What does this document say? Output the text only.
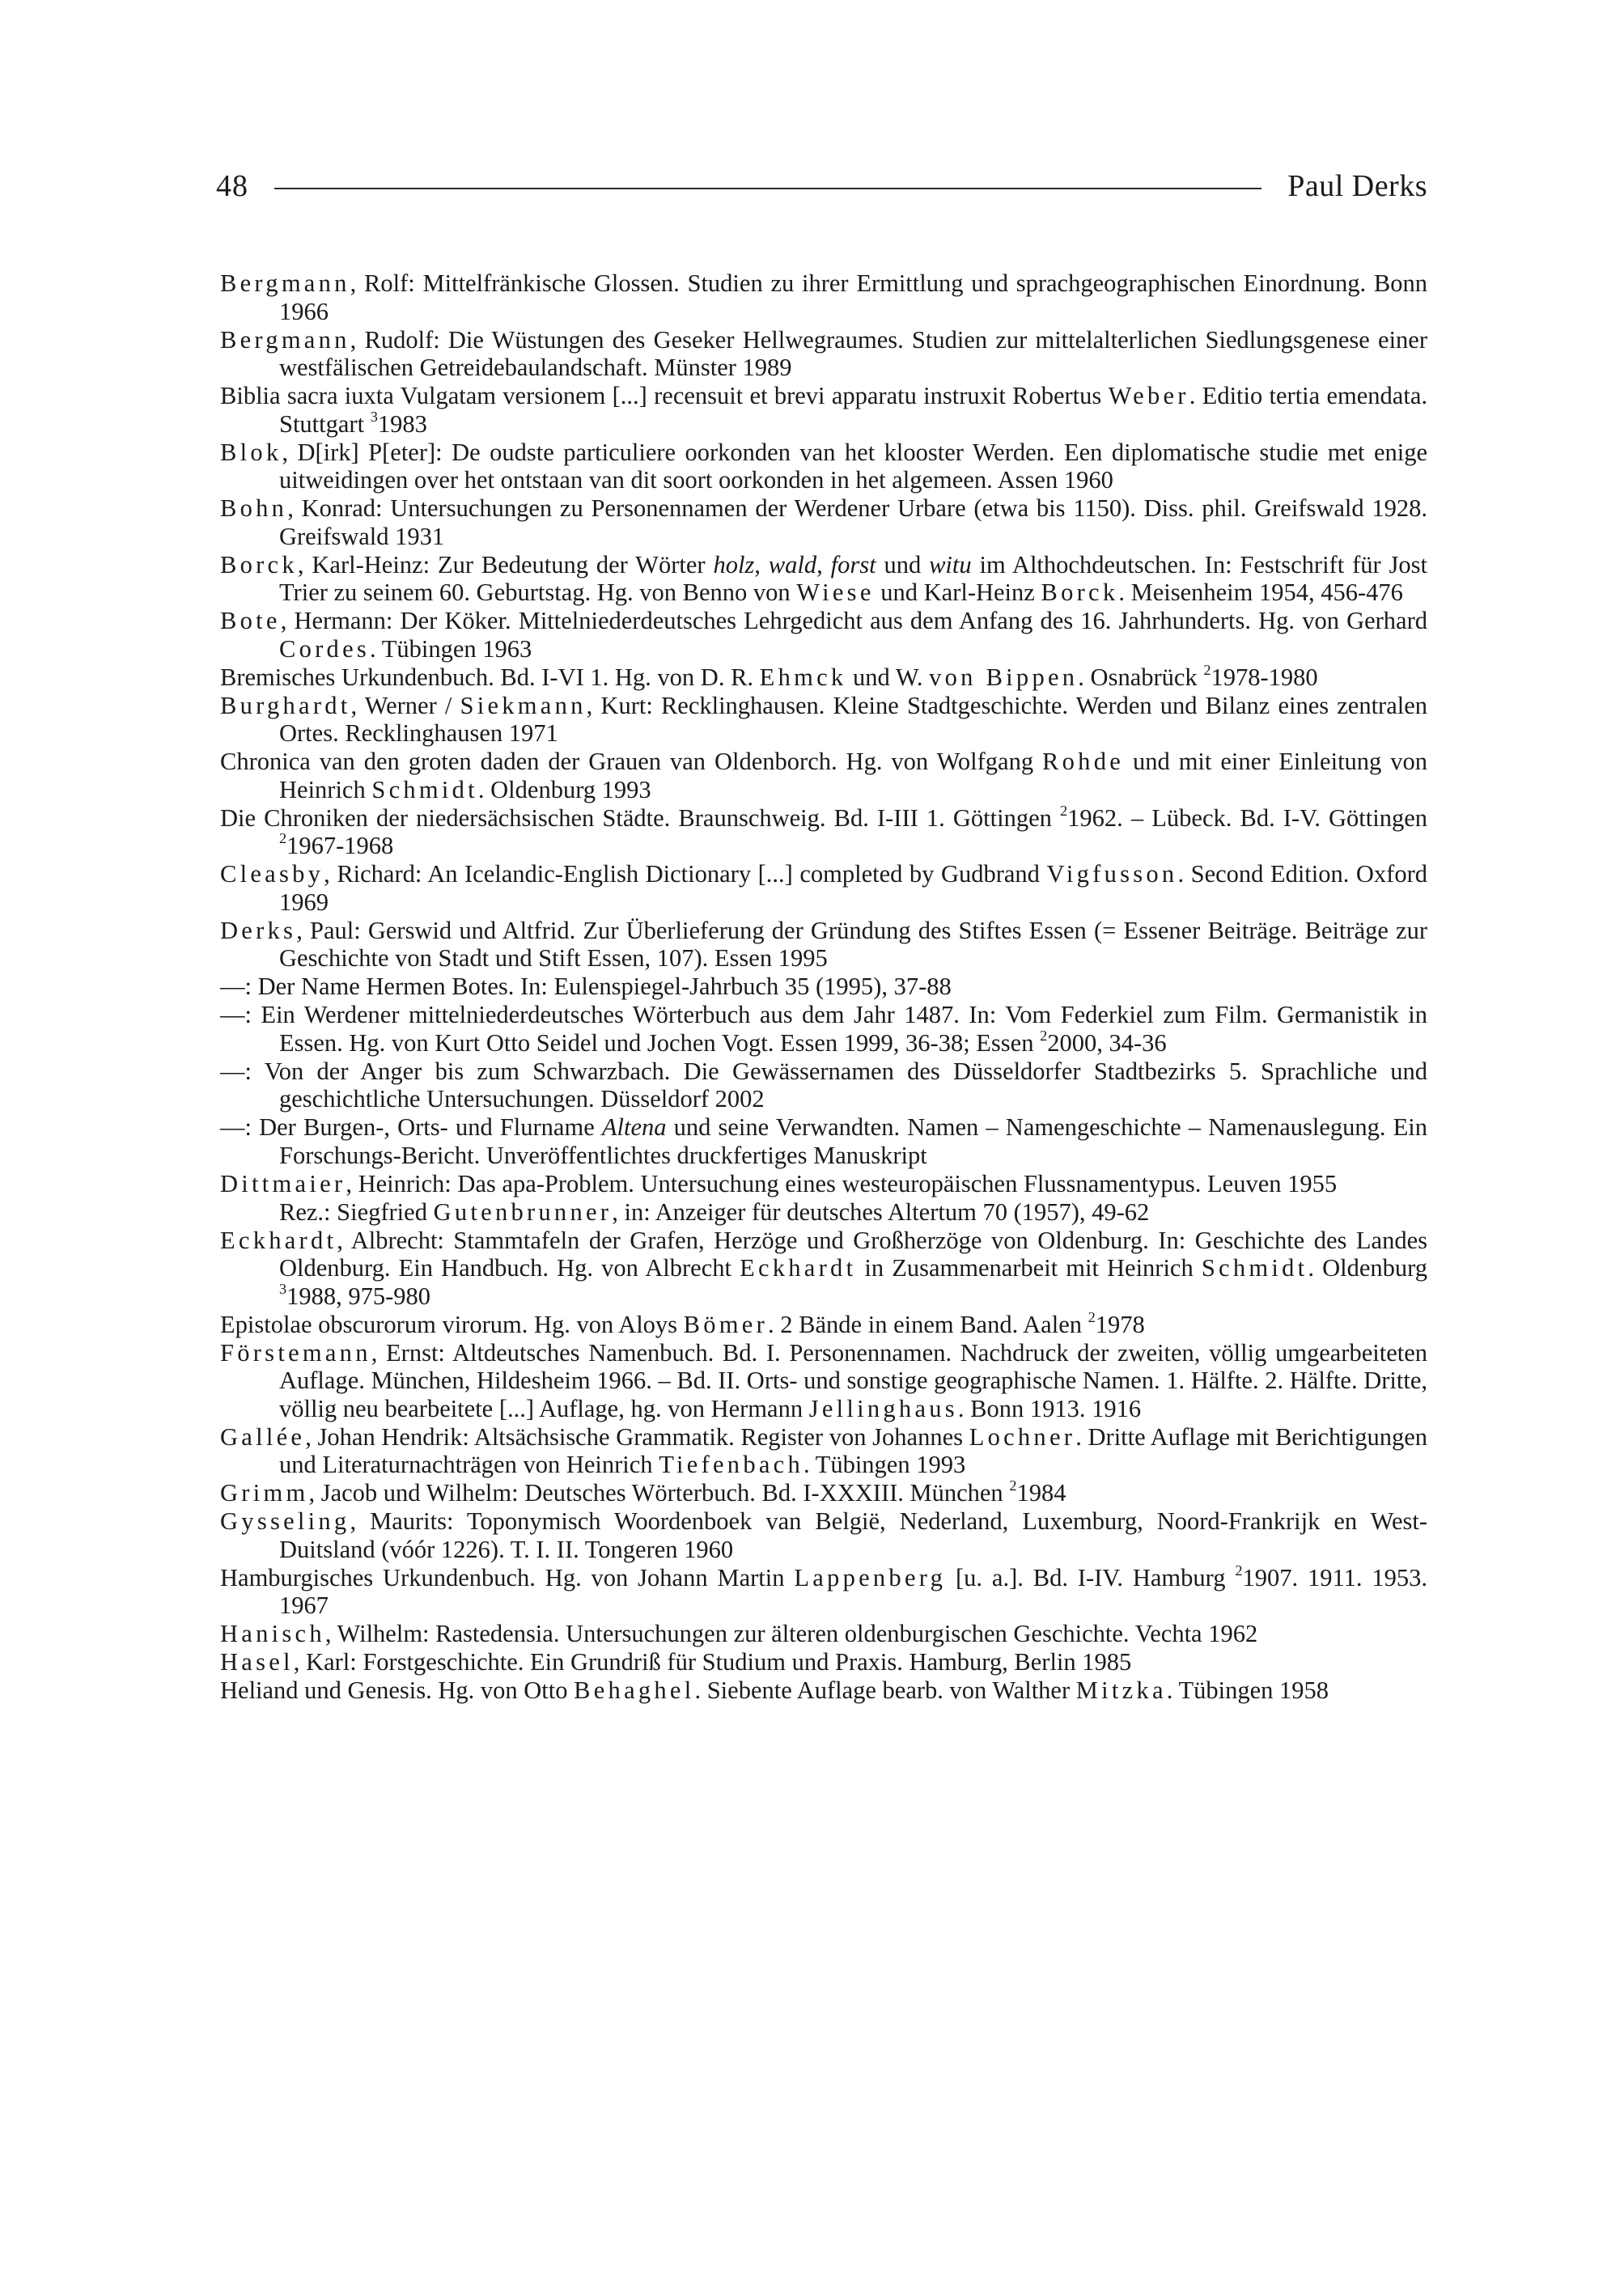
48	Paul Derks

Bergmann, Rolf: Mittelfränkische Glossen. Studien zu ihrer Ermittlung und sprachgeographischen Einordnung. Bonn 1966

Bergmann, Rudolf: Die Wüstungen des Geseker Hellwegraumes. Studien zur mittelalterlichen Siedlungsgenese einer westfälischen Getreidebaulandschaft. Münster 1989

Biblia sacra iuxta Vulgatam versionem [...] recensuit et brevi apparatu instruxit Robertus Weber. Editio tertia emendata. Stuttgart $^3$1983

Blok, D[irk] P[eter]: De oudste particuliere oorkonden van het klooster Werden. Een diplomatische studie met enige uitweidingen over het ontstaan van dit soort oorkonden in het algemeen. Assen 1960

Bohn, Konrad: Untersuchungen zu Personennamen der Werdener Urbare (etwa bis 1150). Diss. phil. Greifswald 1928. Greifswald 1931

Borck, Karl-Heinz: Zur Bedeutung der Wörter holz, wald, forst und witu im Althochdeutschen. In: Festschrift für Jost Trier zu seinem 60. Geburtstag. Hg. von Benno von Wiese und Karl-Heinz Borck. Meisenheim 1954, 456-476

Bote, Hermann: Der Köker. Mittelniederdeutsches Lehrgedicht aus dem Anfang des 16. Jahrhunderts. Hg. von Gerhard Cordes. Tübingen 1963

Bremisches Urkundenbuch. Bd. I-VI 1. Hg. von D. R. Ehmck und W. von Bippen. Osnabrück $^2$1978-1980

Burghardt, Werner / Siekmann, Kurt: Recklinghausen. Kleine Stadtgeschichte. Werden und Bilanz eines zentralen Ortes. Recklinghausen 1971

Chronica van den groten daden der Grauen van Oldenborch. Hg. von Wolfgang Rohde und mit einer Einleitung von Heinrich Schmidt. Oldenburg 1993

Die Chroniken der niedersächsischen Städte. Braunschweig. Bd. I-III 1. Göttingen $^2$1962. – Lübeck. Bd. I-V. Göttingen $^2$1967-1968

Cleasby, Richard: An Icelandic-English Dictionary [...] completed by Gudbrand Vigfusson. Second Edition. Oxford 1969

Derks, Paul: Gerswid und Altfrid. Zur Überlieferung der Gründung des Stiftes Essen (= Essener Beiträge. Beiträge zur Geschichte von Stadt und Stift Essen, 107). Essen 1995

—: Der Name Hermen Botes. In: Eulenspiegel-Jahrbuch 35 (1995), 37-88

—: Ein Werdener mittelniederdeutsches Wörterbuch aus dem Jahr 1487. In: Vom Federkiel zum Film. Germanistik in Essen. Hg. von Kurt Otto Seidel und Jochen Vogt. Essen 1999, 36-38; Essen $^2$2000, 34-36

—: Von der Anger bis zum Schwarzbach. Die Gewässernamen des Düsseldorfer Stadtbezirks 5. Sprachliche und geschichtliche Untersuchungen. Düsseldorf 2002

—: Der Burgen-, Orts- und Flurname Altena und seine Verwandten. Namen – Namengeschichte – Namenauslegung. Ein Forschungs-Bericht. Unveröffentlichtes druckfertiges Manuskript

Dittmaier, Heinrich: Das apa-Problem. Untersuchung eines westeuropäischen Flussnamentypus. Leuven 1955

Rez.: Siegfried Gutenbrunner, in: Anzeiger für deutsches Altertum 70 (1957), 49-62

Eckhardt, Albrecht: Stammtafeln der Grafen, Herzöge und Großherzöge von Oldenburg. In: Geschichte des Landes Oldenburg. Ein Handbuch. Hg. von Albrecht Eckhardt in Zusammenarbeit mit Heinrich Schmidt. Oldenburg $^3$1988, 975-980

Epistolae obscurorum virorum. Hg. von Aloys Bömer. 2 Bände in einem Band. Aalen $^2$1978

Förstemann, Ernst: Altdeutsches Namenbuch. Bd. I. Personennamen. Nachdruck der zweiten, völlig umgearbeiteten Auflage. München, Hildesheim 1966. – Bd. II. Orts- und sonstige geographische Namen. 1. Hälfte. 2. Hälfte. Dritte, völlig neu bearbeitete [...] Auflage, hg. von Hermann Jellinghaus. Bonn 1913. 1916

Gallée, Johan Hendrik: Altsächsische Grammatik. Register von Johannes Lochner. Dritte Auflage mit Berichtigungen und Literaturnachträgen von Heinrich Tiefenbach. Tübingen 1993

Grimm, Jacob und Wilhelm: Deutsches Wörterbuch. Bd. I-XXXIII. München $^2$1984

Gysseling, Maurits: Toponymisch Woordenboek van België, Nederland, Luxemburg, Noord-Frankrijk en West-Duitsland (vóór 1226). T. I. II. Tongeren 1960

Hamburgisches Urkundenbuch. Hg. von Johann Martin Lappenberg [u. a.]. Bd. I-IV. Hamburg $^2$1907. 1911. 1953. 1967

Hanisch, Wilhelm: Rastedensia. Untersuchungen zur älteren oldenburgischen Geschichte. Vechta 1962

Hasel, Karl: Forstgeschichte. Ein Grundriß für Studium und Praxis. Hamburg, Berlin 1985

Heliand und Genesis. Hg. von Otto Behaghel. Siebente Auflage bearb. von Walther Mitzka. Tübingen 1958
